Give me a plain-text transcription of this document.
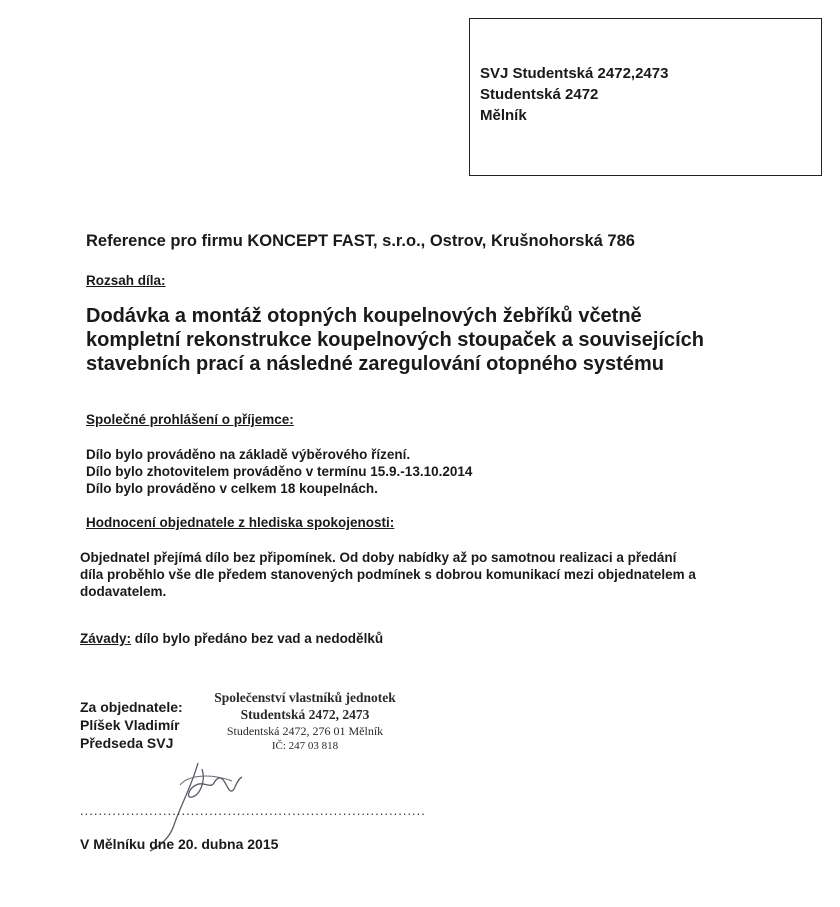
SVJ Studentská 2472,2473
Studentská 2472
Mělník
Reference pro firmu KONCEPT FAST, s.r.o., Ostrov, Krušnohorská 786
Rozsah díla:
Dodávka a montáž otopných koupelnových žebříků včetně
kompletní rekonstrukce koupelnových stoupaček a souvisejících
stavebních prací a následné zaregulování otopného systému
Společné prohlášení o příjemce:
Dílo bylo prováděno na základě výběrového řízení.
Dílo bylo zhotovitelem prováděno v termínu 15.9.-13.10.2014
Dílo bylo prováděno v celkem 18 koupelnách.
Hodnocení objednatele z hlediska spokojenosti:
Objednatel přejímá dílo bez připomínek. Od doby nabídky až po samotnou realizaci a předání
díla proběhlo vše dle předem stanovených podmínek s dobrou komunikací mezi objednatelem a
dodavatelem.
Závady: dílo bylo předáno bez vad a nedodělků
Za objednatele:
Plíšek Vladimír
Předseda SVJ
Společenství vlastníků jednotek
Studentská 2472, 2473
Studentská 2472, 276 01 Mělník
IČ: 247 03 818
...........................................................................
V Mělníku dne 20. dubna 2015
